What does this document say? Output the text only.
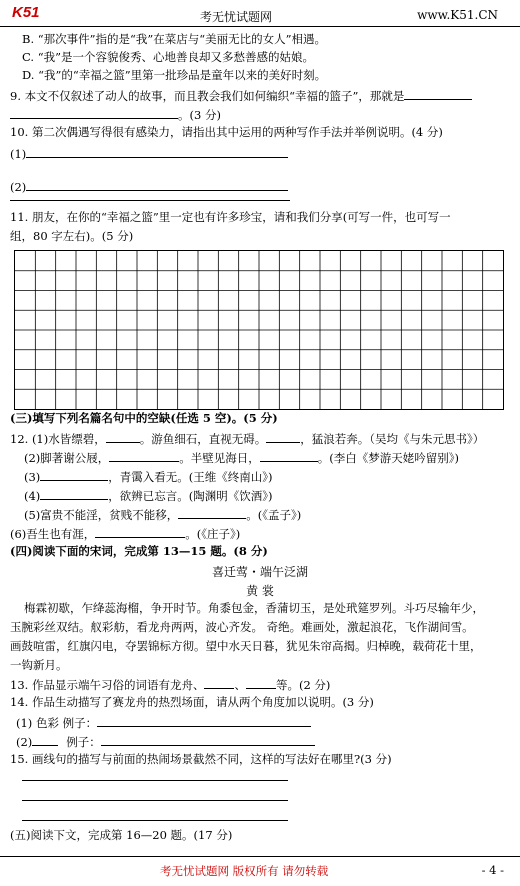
K51	考无忧试题网	www.K51.CN
B. “那次事件”指的是“我”在菜店与“美丽无比的女人”相遇。
C. “我”是一个容貌俊秀、心地善良却又多愁善感的姑娘。
D. “我”的“幸福之篮”里第一批珍品是童年以来的美好时刻。
9. 本文不仅叙述了动人的故事，而且教会我们如何编织“幸福的篮子”，那就是
。(3 分)
10. 第二次偶遇写得很有感染力，请指出其中运用的两种写作手法并举例说明。(4 分)
(1)
(2)
11. 朋友，在你的“幸福之篮”里一定也有许多珍宝，请和我们分享(可写一件，也可写一
组，80 字左右)。(5 分)
(三)填写下列名篇名句中的空缺(任选 5 空)。(5 分)
12. (1)水皆缥碧，	。游鱼细石，直视无碍。	，猛浪若奔。（吴均《与朱元思书》）
(2)脚著谢公屐，	。半壁见海日，	。(李白《梦游天姥吟留别》)
(3)	，青霭入看无。(王维《终南山》)
(4)	，欲辨已忘言。(陶渊明《饮酒》)
(5)富贵不能淫，贫贱不能移，	。(《孟子》)
(6)吾生也有涯，	。(《庄子》)
(四)阅读下面的宋词，完成第 13—15 题。(8 分)
喜迁莺・端午泛湖
黄 裳
梅霖初歇，乍绛蕊海榴，争开时节。角黍包金，香蒲切玉，是处玳筵罗列。斗巧尽输年少，
玉腕彩丝双结。舣彩舫，看龙舟两两，波心齐发。 奇绝。难画处，激起浪花，飞作湖间雪。
画鼓喧雷，红旗闪电，夺罢锦标方彻。望中水天日暮，犹见朱帘高揭。归棹晚，载荷花十里，
一钩新月。
13. 作品显示端午习俗的词语有龙舟、	、	等。(2 分)
14. 作品生动描写了赛龙舟的热烈场面，请从两个角度加以说明。(3 分)
(1) 色彩 例子：
(2)	例子：
15. 画线句的描写与前面的热闹场景截然不同，这样的写法好在哪里?(3 分)
(五)阅读下文，完成第 16—20 题。(17 分)
考无忧试题网 版权所有 请勿转载	- 4 -
